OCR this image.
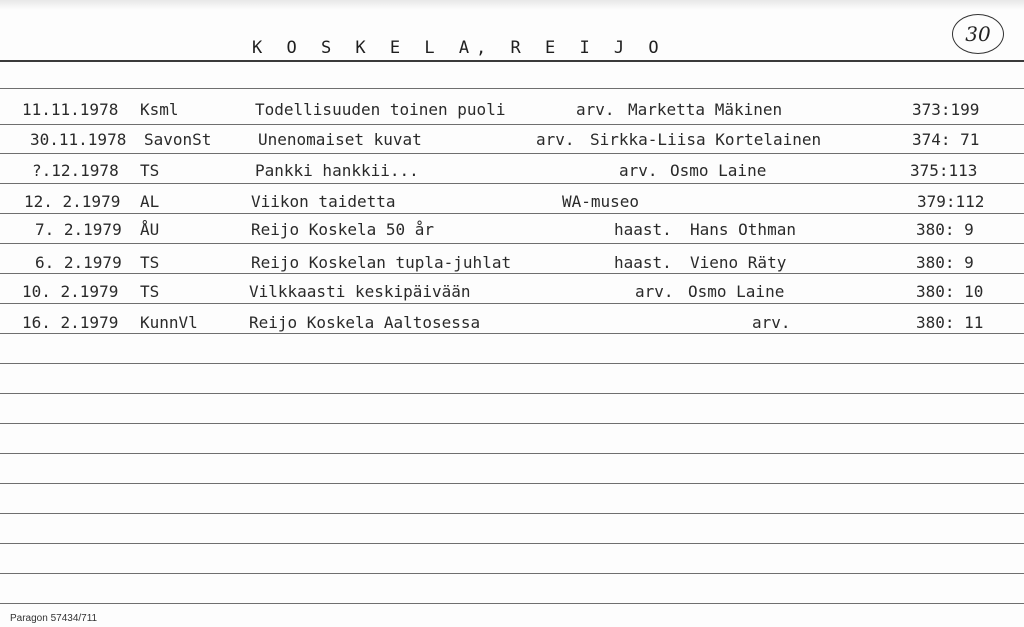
K O S K E L A, R E I J O
30
11.11.1978 Ksml	Todellisuuden toinen puoli	arv. Marketta Mäkinen	373:199
30.11.1978 SavonSt	Unenomaiset kuvat	arv. Sirkka-Liisa Kortelainen	374: 71
?.12.1978 TS	Pankki hankkii...	arv. Osmo Laine	375:113
12. 2.1979 AL	Viikon taidetta	WA-museo	379:112
7. 2.1979 ÅU	Reijo Koskela 50 år	haast. Hans Othman	380: 9
6. 2.1979 TS	Reijo Koskelan tupla-juhlat	haast. Vieno Räty	380: 9
10. 2.1979 TS	Vilkkaasti keskipäivään	arv. Osmo Laine	380: 10
16. 2.1979 KunnVl	Reijo Koskela Aaltosessa	arv.	380: 11
Paragon 57434/711
